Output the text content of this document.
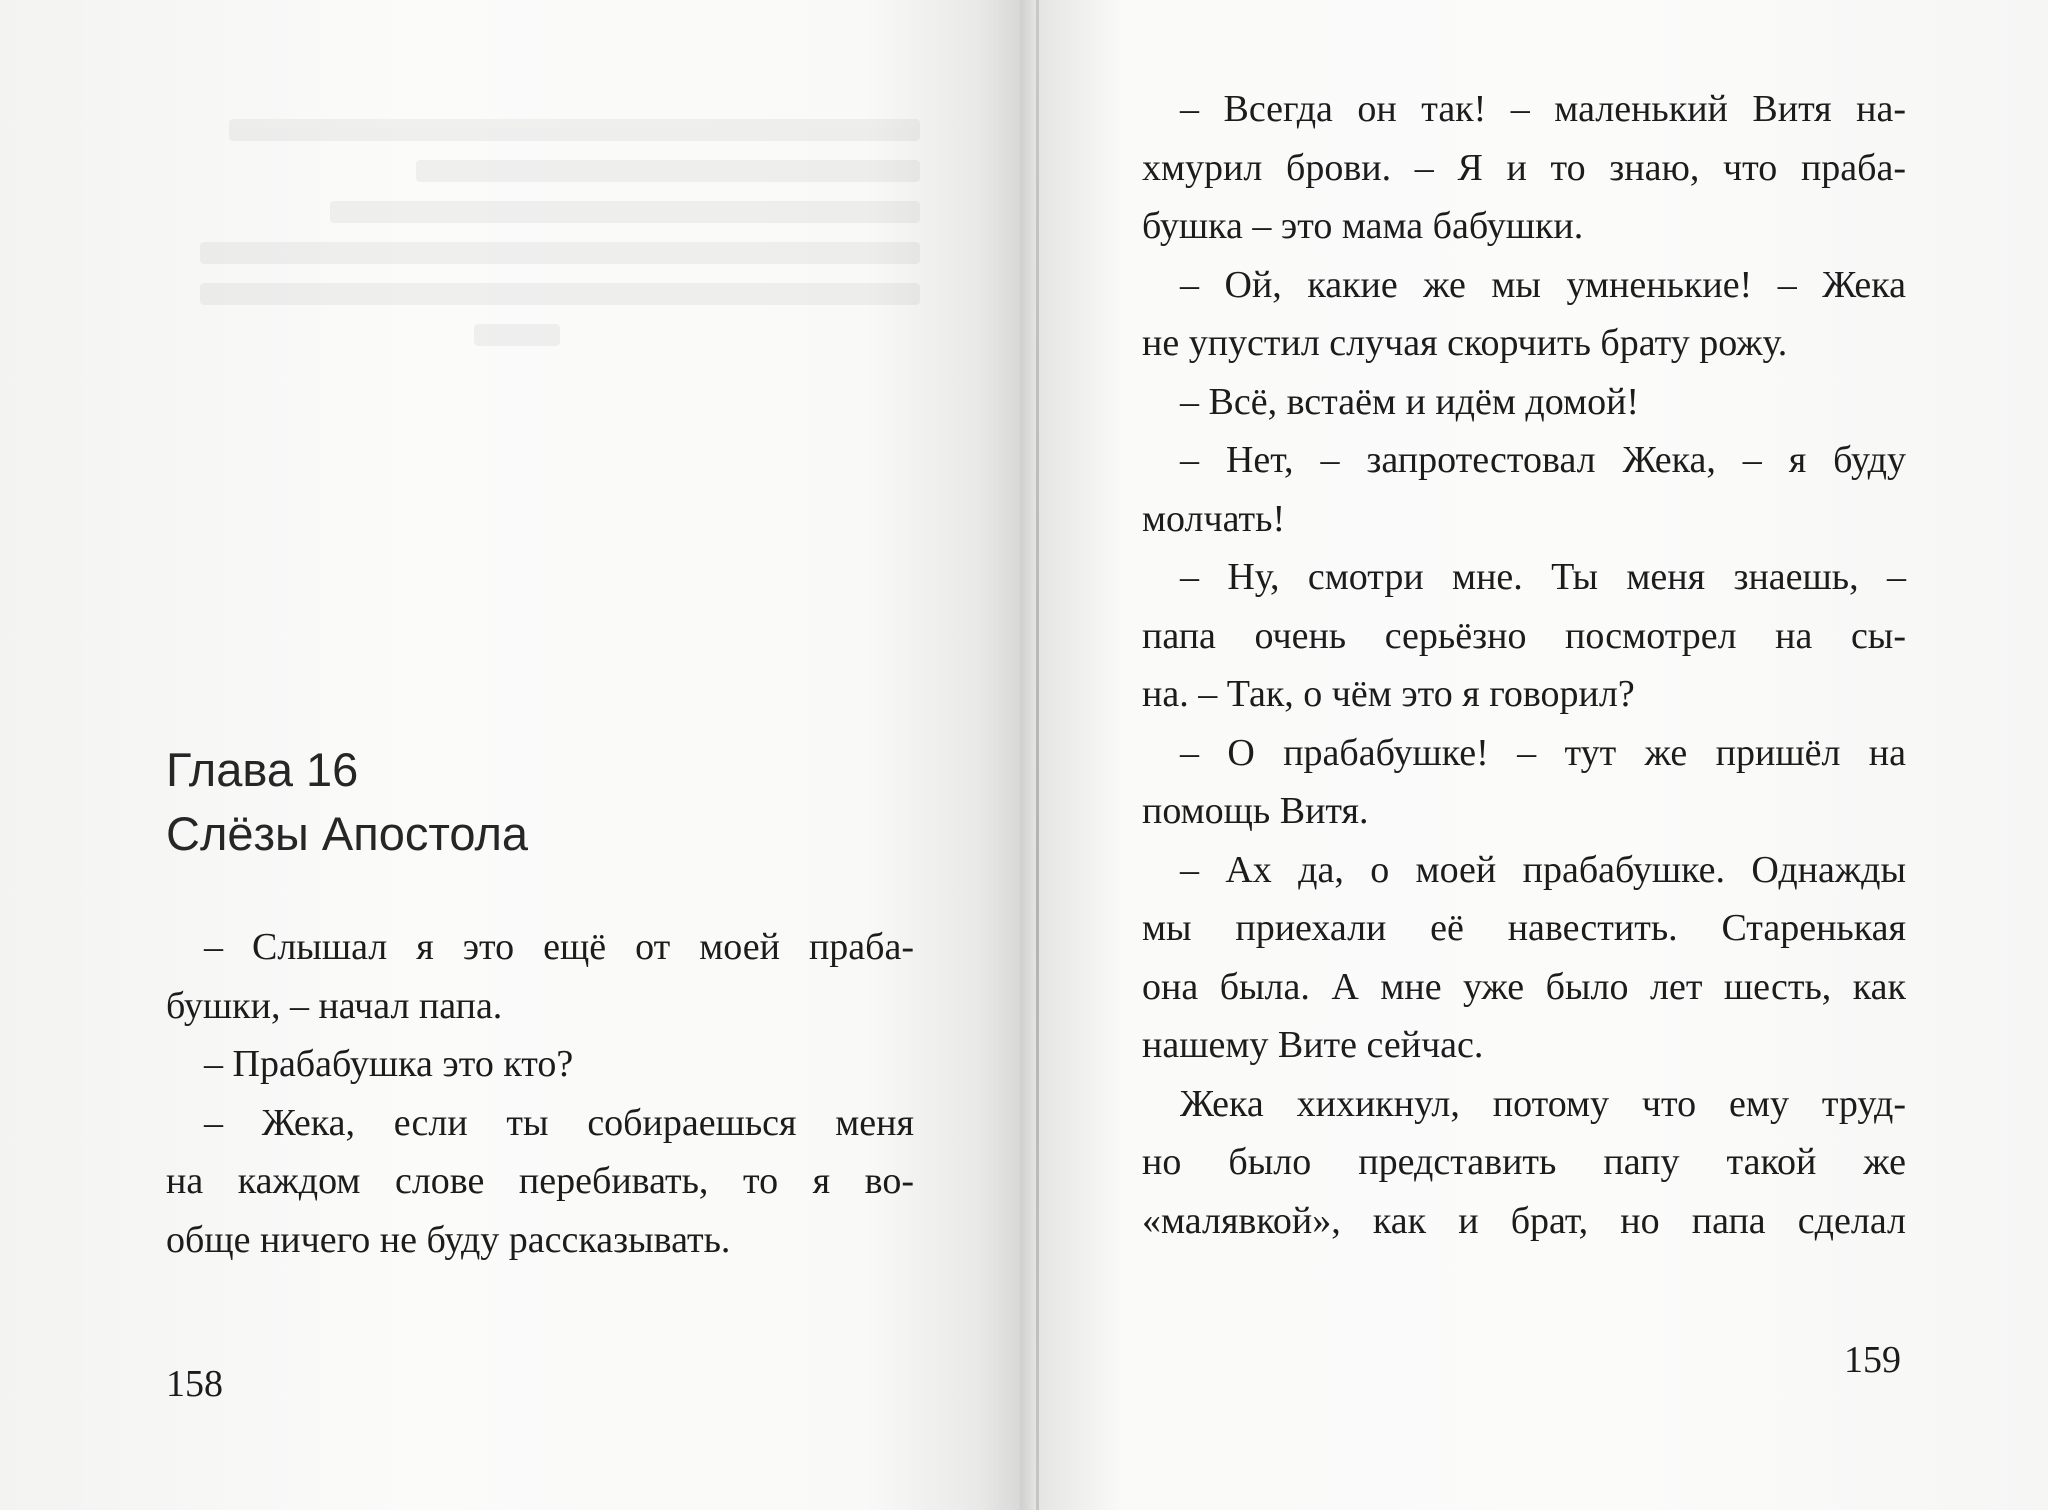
Глава 16
Слёзы Апостола
– Слышал я это ещё от моей праба-
бушки, – начал папа.
– Прабабушка это кто?
– Жека, если ты собираешься меня
на каждом слове перебивать, то я во-
обще ничего не буду рассказывать.
158
– Всегда он так! – маленький Витя на-
хмурил брови. – Я и то знаю, что праба-
бушка – это мама бабушки.
– Ой, какие же мы умненькие! – Жека
не упустил случая скорчить брату рожу.
– Всё, встаём и идём домой!
– Нет, – запротестовал Жека, – я буду
молчать!
– Ну, смотри мне. Ты меня знаешь, –
папа очень серьёзно посмотрел на сы-
на. – Так, о чём это я говорил?
– О прабабушке! – тут же пришёл на
помощь Витя.
– Ах да, о моей прабабушке. Однажды
мы приехали её навестить. Старенькая
она была. А мне уже было лет шесть, как
нашему Вите сейчас.
Жека хихикнул, потому что ему труд-
но было представить папу такой же
«малявкой», как и брат, но папа сделал
159
